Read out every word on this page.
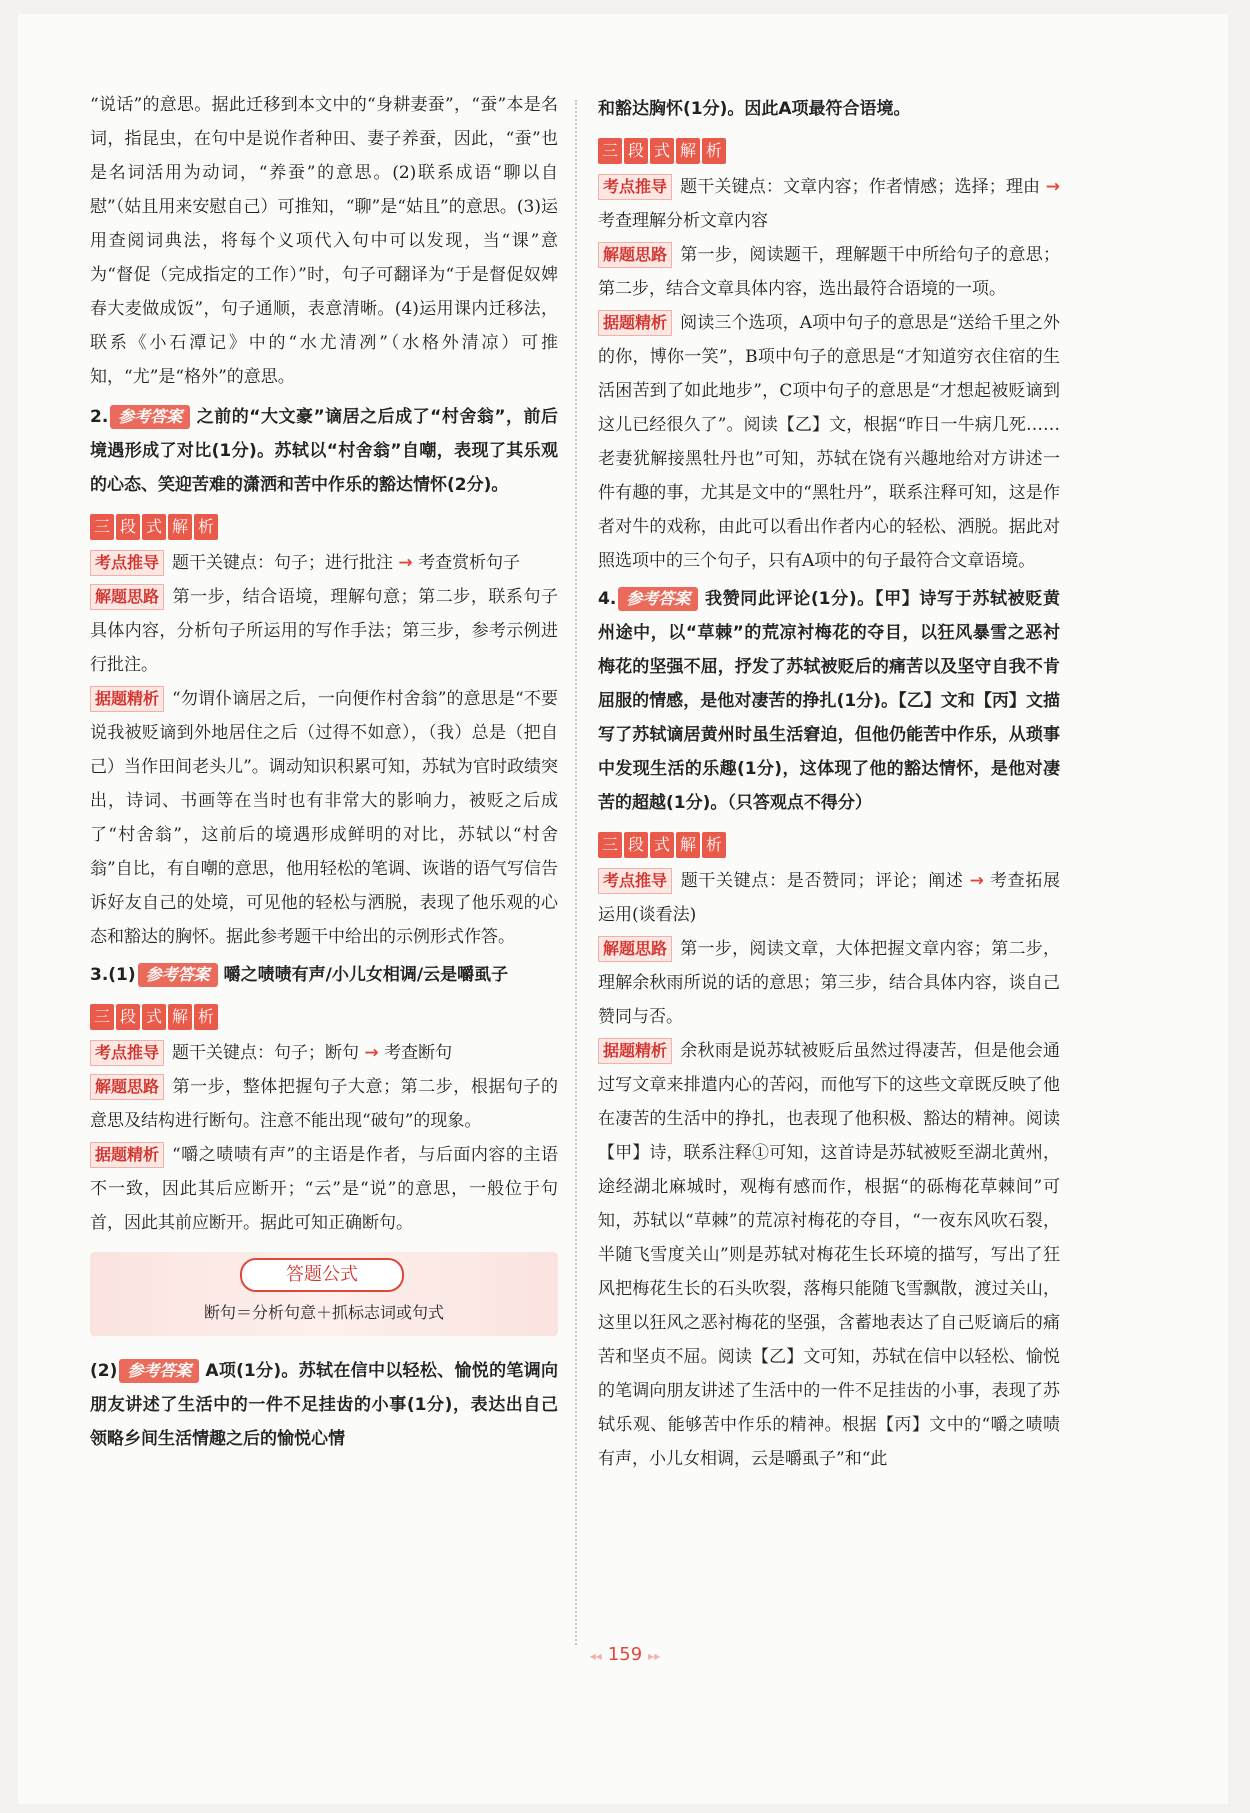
“说话”的意思。据此迁移到本文中的“身耕妻蚕”，“蚕”本是名词，指昆虫，在句中是说作者种田、妻子养蚕，因此，“蚕”也是名词活用为动词，“养蚕”的意思。(2)联系成语“聊以自慰”（姑且用来安慰自己）可推知，“聊”是“姑且”的意思。(3)运用查阅词典法，将每个义项代入句中可以发现，当“课”意为“督促（完成指定的工作）”时，句子可翻译为“于是督促奴婢春大麦做成饭”，句子通顺，表意清晰。(4)运用课内迁移法，联系《小石潭记》中的“水尤清冽”（水格外清凉）可推知，“尤”是“格外”的意思。

2. 参考答案 之前的“大文豪”谪居之后成了“村舍翁”，前后境遇形成了对比(1分)。苏轼以“村舍翁”自嘲，表现了其乐观的心态、笑迎苦难的潇洒和苦中作乐的豁达情怀(2分)。

三 段 式 解 析

考点推导 题干关键点：句子；进行批注 → 考查赏析句子

解题思路 第一步，结合语境，理解句意；第二步，联系句子具体内容，分析句子所运用的写作手法；第三步，参考示例进行批注。

据题精析 “勿谓仆谪居之后，一向便作村舍翁”的意思是“不要说我被贬谪到外地居住之后（过得不如意），（我）总是（把自己）当作田间老头儿”。调动知识积累可知，苏轼为官时政绩突出，诗词、书画等在当时也有非常大的影响力，被贬之后成了“村舍翁”，这前后的境遇形成鲜明的对比，苏轼以“村舍翁”自比，有自嘲的意思，他用轻松的笔调、诙谐的语气写信告诉好友自己的处境，可见他的轻松与洒脱，表现了他乐观的心态和豁达的胸怀。据此参考题干中给出的示例形式作答。

3.(1) 参考答案 嚼之啧啧有声/小儿女相调/云是嚼虱子

三 段 式 解 析

考点推导 题干关键点：句子；断句 → 考查断句

解题思路 第一步，整体把握句子大意；第二步，根据句子的意思及结构进行断句。注意不能出现“破句”的现象。

据题精析 “嚼之啧啧有声”的主语是作者，与后面内容的主语不一致，因此其后应断开；“云”是“说”的意思，一般位于句首，因此其前应断开。据此可知正确断句。

答题公式
断句＝分析句意＋抓标志词或句式

(2) 参考答案 A项(1分)。苏轼在信中以轻松、愉悦的笔调向朋友讲述了生活中的一件不足挂齿的小事(1分)，表达出自己领略乡间生活情趣之后的愉悦心情

和豁达胸怀(1分)。因此A项最符合语境。

三 段 式 解 析

考点推导 题干关键点：文章内容；作者情感；选择；理由 → 考查理解分析文章内容

解题思路 第一步，阅读题干，理解题干中所给句子的意思；第二步，结合文章具体内容，选出最符合语境的一项。

据题精析 阅读三个选项，A项中句子的意思是“送给千里之外的你，博你一笑”，B项中句子的意思是“才知道穷衣住宿的生活困苦到了如此地步”，C项中句子的意思是“才想起被贬谪到这儿已经很久了”。阅读【乙】文，根据“昨日一牛病几死……老妻犹解接黑牡丹也”可知，苏轼在饶有兴趣地给对方讲述一件有趣的事，尤其是文中的“黑牡丹”，联系注释可知，这是作者对牛的戏称，由此可以看出作者内心的轻松、洒脱。据此对照选项中的三个句子，只有A项中的句子最符合文章语境。

4. 参考答案 我赞同此评论(1分)。【甲】诗写于苏轼被贬黄州途中，以“草棘”的荒凉衬梅花的夺目，以狂风暴雪之恶衬梅花的坚强不屈，抒发了苏轼被贬后的痛苦以及坚守自我不肯屈服的情感，是他对凄苦的挣扎(1分)。【乙】文和【丙】文描写了苏轼谪居黄州时虽生活窘迫，但他仍能苦中作乐，从琐事中发现生活的乐趣(1分)，这体现了他的豁达情怀，是他对凄苦的超越(1分)。（只答观点不得分）

三 段 式 解 析

考点推导 题干关键点：是否赞同；评论；阐述 → 考查拓展运用(谈看法)

解题思路 第一步，阅读文章，大体把握文章内容；第二步，理解余秋雨所说的话的意思；第三步，结合具体内容，谈自己赞同与否。

据题精析 余秋雨是说苏轼被贬后虽然过得凄苦，但是他会通过写文章来排遣内心的苦闷，而他写下的这些文章既反映了他在凄苦的生活中的挣扎，也表现了他积极、豁达的精神。阅读【甲】诗，联系注释①可知，这首诗是苏轼被贬至湖北黄州，途经湖北麻城时，观梅有感而作，根据“的砾梅花草棘间”可知，苏轼以“草棘”的荒凉衬梅花的夺目，“一夜东风吹石裂，半随飞雪度关山”则是苏轼对梅花生长环境的描写，写出了狂风把梅花生长的石头吹裂，落梅只能随飞雪飘散，渡过关山，这里以狂风之恶衬梅花的坚强，含蓄地表达了自己贬谪后的痛苦和坚贞不屈。阅读【乙】文可知，苏轼在信中以轻松、愉悦的笔调向朋友讲述了生活中的一件不足挂齿的小事，表现了苏轼乐观、能够苦中作乐的精神。根据【丙】文中的“嚼之啧啧有声，小儿女相调，云是嚼虱子”和“此

◂◂ 159 ▸▸
